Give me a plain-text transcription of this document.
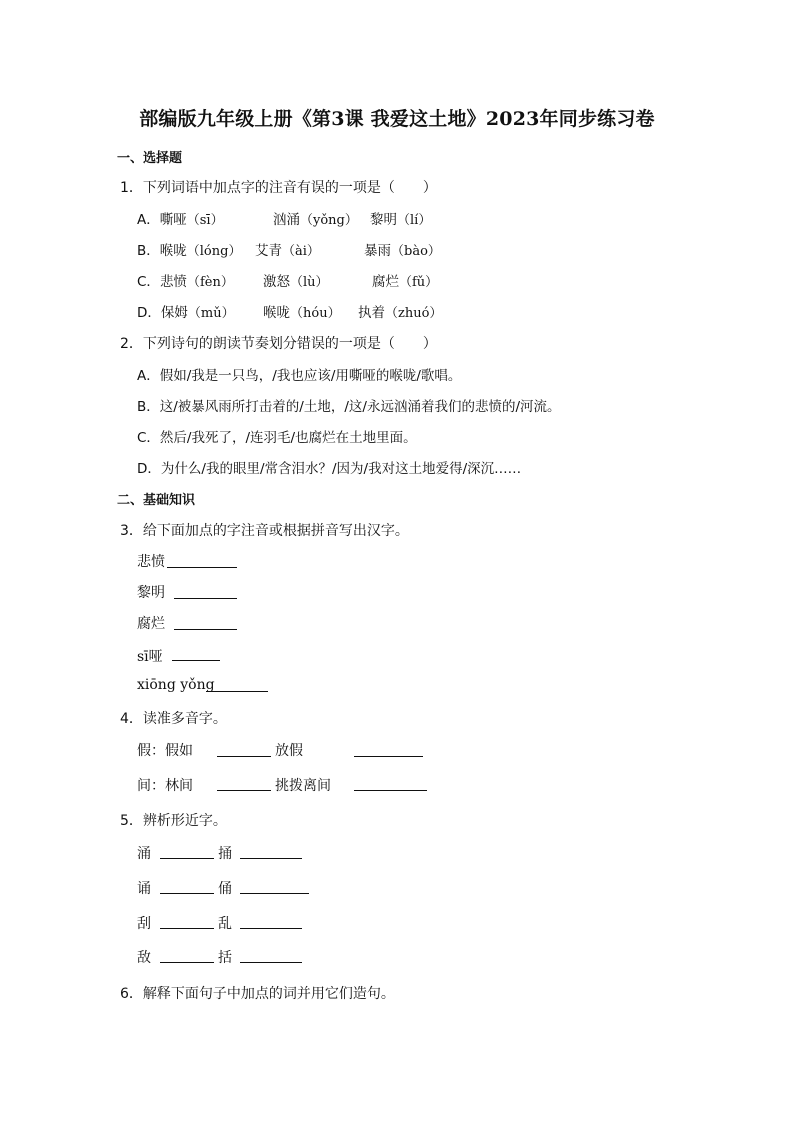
部编版九年级上册《第3课 我爱这土地》2023年同步练习卷
一、选择题
1．下列词语中加点字的注音有误的一项是（　　）
A．嘶哑（sī）	汹涌（yǒng） 黎明（lí）
B．喉咙（lóng） 艾青（ài）	暴雨（bào）
C．悲愤（fèn） 激怒（lù）	腐烂（fǔ）
D．保姆（mǔ） 喉咙（hóu） 执着（zhuó）
2．下列诗句的朗读节奏划分错误的一项是（　　）
A．假如/我是一只鸟，/我也应该/用嘶哑的喉咙/歌唱。
B．这/被暴风雨所打击着的/土地，/这/永远汹涌着我们的悲愤的/河流。
C．然后/我死了，/连羽毛/也腐烂在土地里面。
D．为什么/我的眼里/常含泪水？/因为/我对这土地爱得/深沉……
二、基础知识
3．给下面加点的字注音或根据拼音写出汉字。
悲愤
黎明
腐烂
sī哑
xiōng yǒng
4．读准多音字。
假：假如	放假
间：林间	挑拨离间
5．辨析形近字。
涌	捅
诵	俑
刮	乱
敌	括
6．解释下面句子中加点的词并用它们造句。
